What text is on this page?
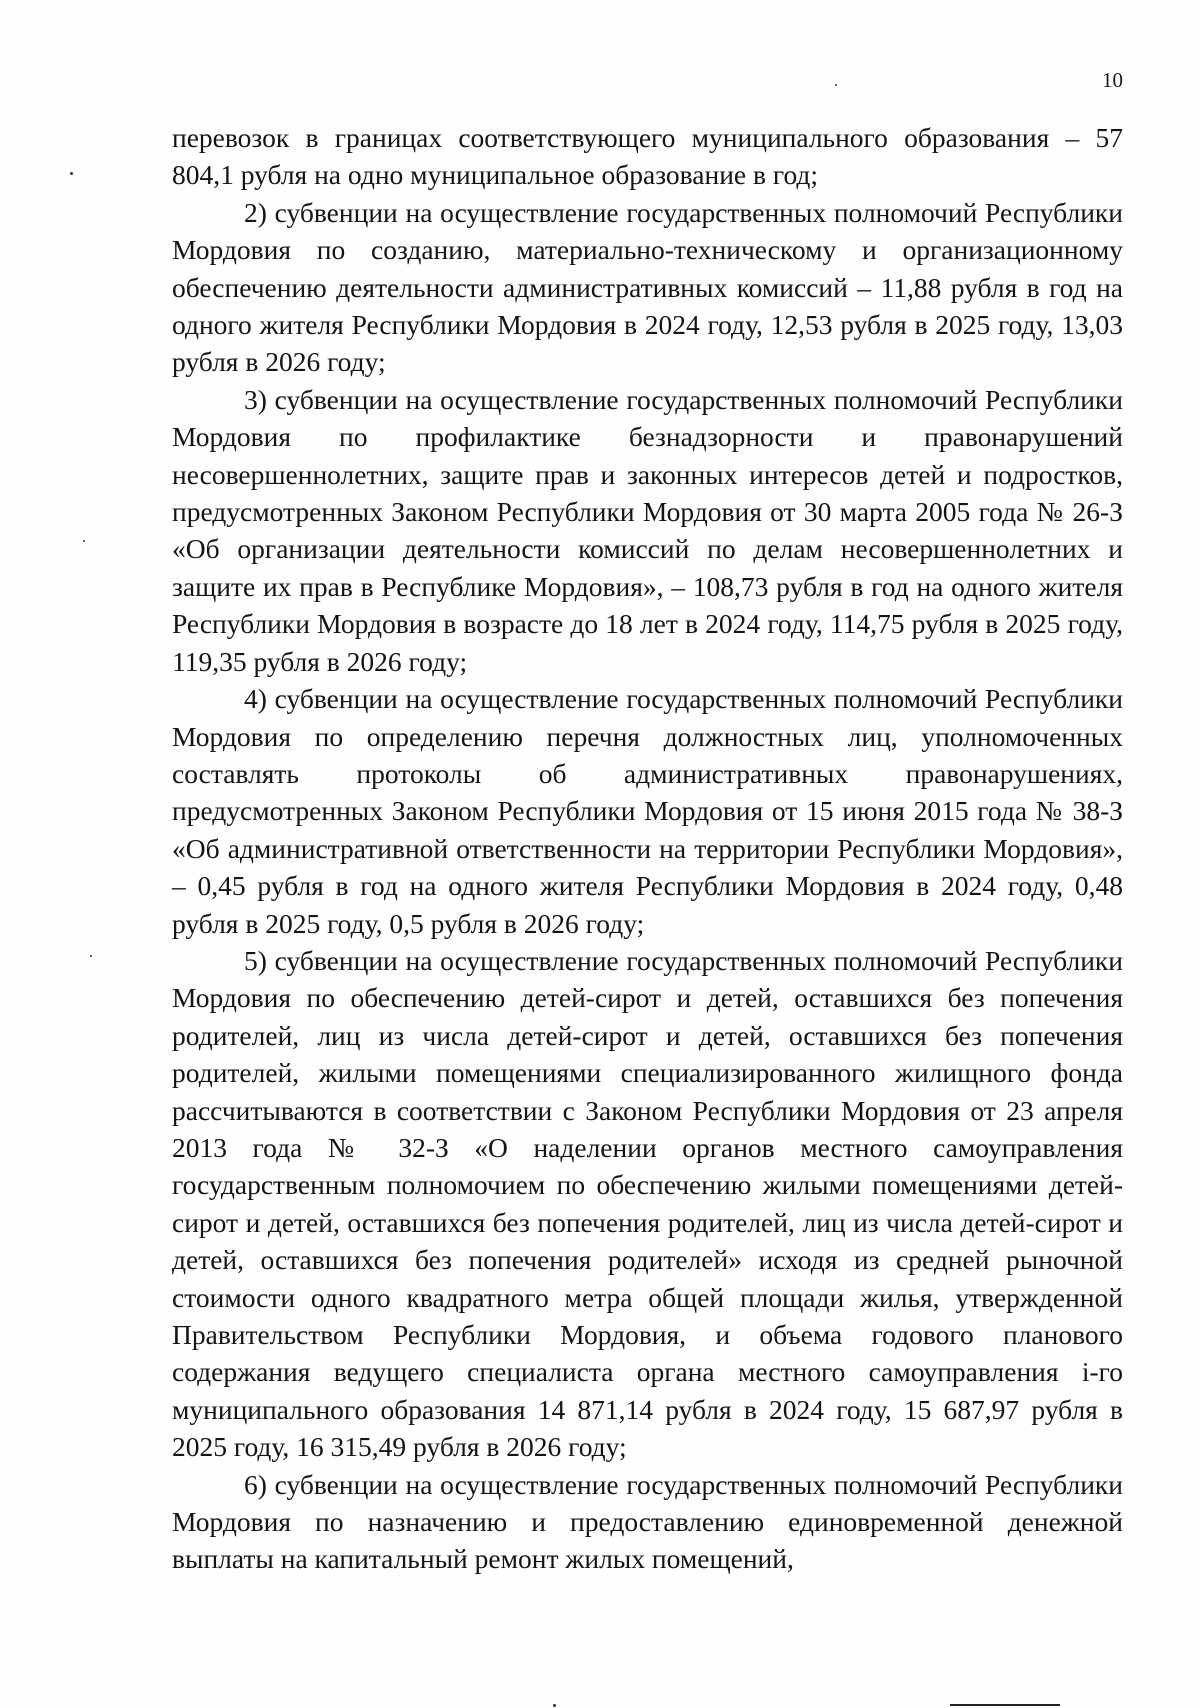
10

перевозок в границах соответствующего муниципального образования – 57 804,1 рубля на одно муниципальное образование в год;

2) субвенции на осуществление государственных полномочий Республики Мордовия по созданию, материально-техническому и организационному обеспечению деятельности административных комиссий – 11,88 рубля в год на одного жителя Республики Мордовия в 2024 году, 12,53 рубля в 2025 году, 13,03 рубля в 2026 году;

3) субвенции на осуществление государственных полномочий Республики Мордовия по профилактике безнадзорности и правонарушений несовершеннолетних, защите прав и законных интересов детей и подростков, предусмотренных Законом Республики Мордовия от 30 марта 2005 года № 26-З «Об организации деятельности комиссий по делам несовершеннолетних и защите их прав в Республике Мордовия», – 108,73 рубля в год на одного жителя Республики Мордовия в возрасте до 18 лет в 2024 году, 114,75 рубля в 2025 году, 119,35 рубля в 2026 году;

4) субвенции на осуществление государственных полномочий Республики Мордовия по определению перечня должностных лиц, уполномоченных составлять протоколы об административных правонарушениях, предусмотренных Законом Республики Мордовия от 15 июня 2015 года № 38-З «Об административной ответственности на территории Республики Мордовия», – 0,45 рубля в год на одного жителя Республики Мордовия в 2024 году, 0,48 рубля в 2025 году, 0,5 рубля в 2026 году;

5) субвенции на осуществление государственных полномочий Республики Мордовия по обеспечению детей-сирот и детей, оставшихся без попечения родителей, лиц из числа детей-сирот и детей, оставшихся без попечения родителей, жилыми помещениями специализированного жилищного фонда рассчитываются в соответствии с Законом Республики Мордовия от 23 апреля 2013 года № 32-З «О наделении органов местного самоуправления государственным полномочием по обеспечению жилыми помещениями детей-сирот и детей, оставшихся без попечения родителей, лиц из числа детей-сирот и детей, оставшихся без попечения родителей» исходя из средней рыночной стоимости одного квадратного метра общей площади жилья, утвержденной Правительством Республики Мордовия, и объема годового планового содержания ведущего специалиста органа местного самоуправления i-го муниципального образования 14 871,14 рубля в 2024 году, 15 687,97 рубля в 2025 году, 16 315,49 рубля в 2026 году;

6) субвенции на осуществление государственных полномочий Республики Мордовия по назначению и предоставлению единовременной денежной выплаты на капитальный ремонт жилых помещений,
